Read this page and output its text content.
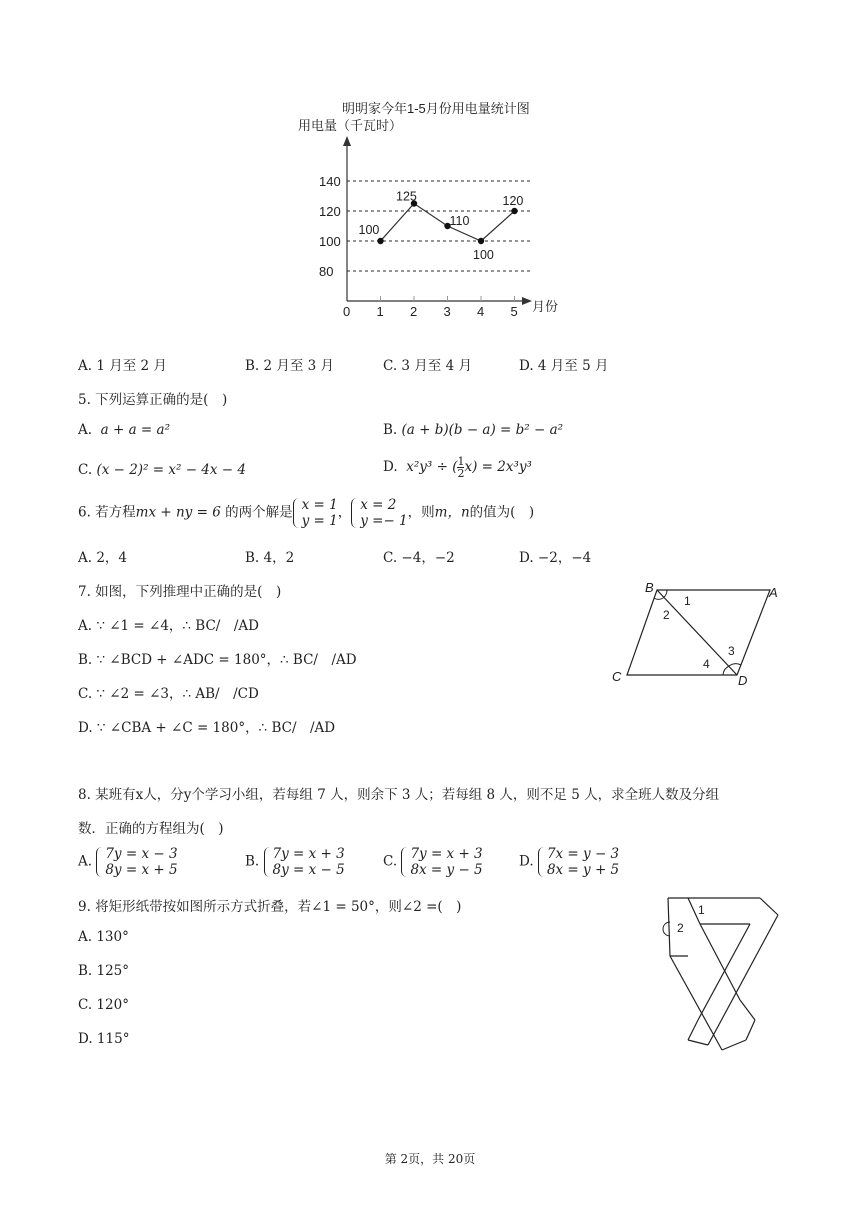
明明家今年1-5月份用电量统计图
用电量（千瓦时）
月份
80
100
120
140
0 1 2 3 4 5
100
125
110
100
120
A. 1 月至 2 月	B. 2 月至 3 月	C. 3 月至 4 月	D. 4 月至 5 月
5. 下列运算正确的是(　)
A. a + a = a²	B. (a + b)(b − a) = b² − a²
C. (x − 2)² = x² − 4x − 4	D. x²y³ ÷ ( $\frac{1}{2} x) = 2x^3y^3$
6. 若方程mx + ny = 6 的两个解是 x = 1
y = 1
， x = 2
y =− 1
，则m，n的值为(　)
A. 2，4	B. 4，2	C. −4，−2	D. −2，−4
7. 如图，下列推理中正确的是(　)
A. ∵ ∠1 = ∠4，∴ BC/　/AD
B. ∵ ∠BCD + ∠ADC = 180°，∴ BC/　/AD
C. ∵ ∠2 = ∠3，∴ AB/　/CD
D. ∵ ∠CBA + ∠C = 180°，∴ BC/　/AD
B	A
C	D
1
2
3
4
8. 某班有x人，分y个学习小组，若每组 7 人，则余下 3 人；若每组 8 人，则不足 5 人，求全班人数及分组
数．正确的方程组为(　)
A. 7y = x − 3
8y = x + 5
B. 7y = x + 3
8y = x − 5
C. 7y = x + 3
8x = y − 5
D. 7x = y − 3
8x = y + 5
9. 将矩形纸带按如图所示方式折叠，若∠1 = 50°，则∠2 =(　)
A. 130°
B. 125°
C. 120°
D. 115°
1
2
第 2页，共 20页
